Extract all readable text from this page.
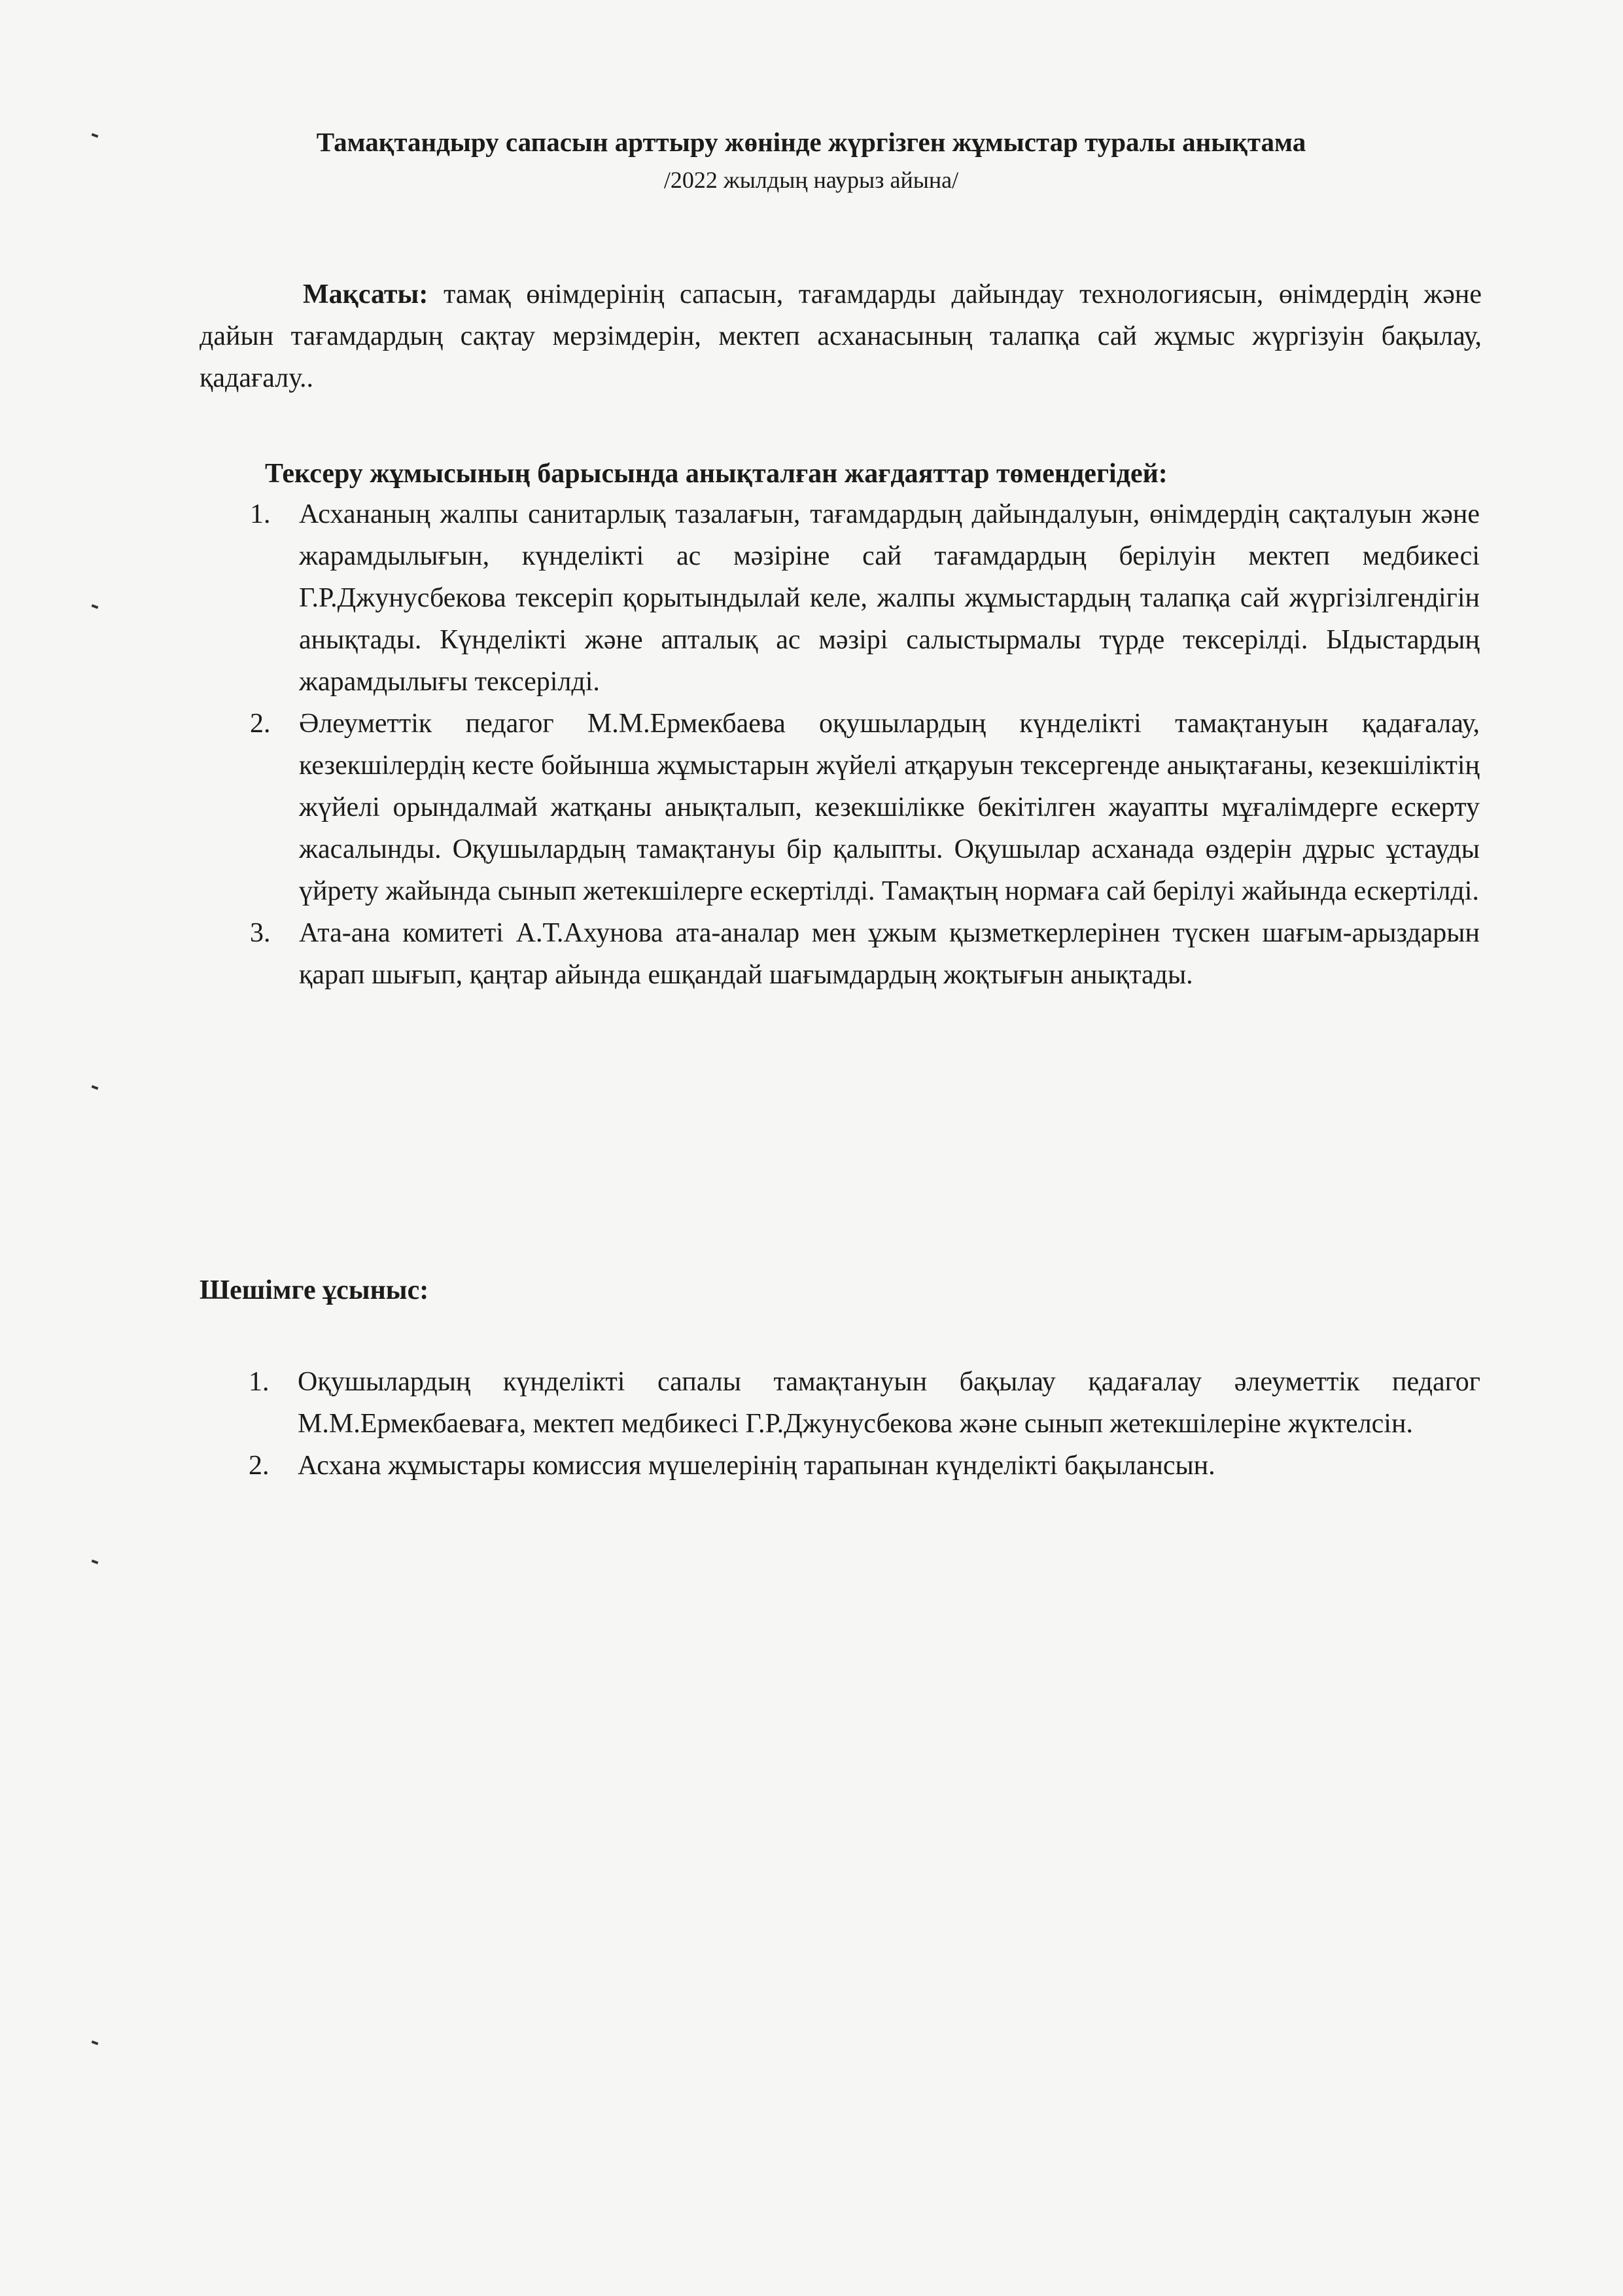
Тамақтандыру сапасын арттыру жөнінде жүргізген жұмыстар туралы анықтама
/2022 жылдың наурыз айына/
Мақсаты: тамақ өнімдерінің сапасын, тағамдарды дайындау технологиясын, өнімдердің және дайын тағамдардың сақтау мерзімдерін, мектеп асханасының талапқа сай жұмыс жүргізуін бақылау, қадағалу..
Тексеру жұмысының барысында анықталған жағдаяттар төмендегідей:
1. Асхананың жалпы санитарлық тазалағын, тағамдардың дайындалуын, өнімдердің сақталуын және жарамдылығын, күнделікті ас мәзіріне сай тағамдардың берілуін мектеп медбикесі Г.Р.Джунусбекова тексеріп қорытындылай келе, жалпы жұмыстардың талапқа сай жүргізілгендігін анықтады. Күнделікті және апталық ас мәзірі салыстырмалы түрде тексерілді. Ыдыстардың жарамдылығы тексерілді.
2. Әлеуметтік педагог М.М.Ермекбаева оқушылардың күнделікті тамақтануын қадағалау, кезекшілердің кесте бойынша жұмыстарын жүйелі атқаруын тексергенде анықтағаны, кезекшіліктің жүйелі орындалмай жатқаны анықталып, кезекшілікке бекітілген жауапты мұғалімдерге ескерту жасалынды. Оқушылардың тамақтануы бір қалыпты. Оқушылар асханада өздерін дұрыс ұстауды үйрету жайында сынып жетекшілерге ескертілді. Тамақтың нормаға сай берілуі жайында ескертілді.
3. Ата-ана комитеті А.Т.Ахунова ата-аналар мен ұжым қызметкерлерінен түскен шағым-арыздарын қарап шығып, қаңтар айында ешқандай шағымдардың жоқтығын анықтады.
Шешімге ұсыныс:
1. Оқушылардың күнделікті сапалы тамақтануын бақылау қадағалау әлеуметтік педагог М.М.Ермекбаеваға, мектеп медбикесі Г.Р.Джунусбекова және сынып жетекшілеріне жүктелсін.
2. Асхана жұмыстары комиссия мүшелерінің тарапынан күнделікті бақылансын.
